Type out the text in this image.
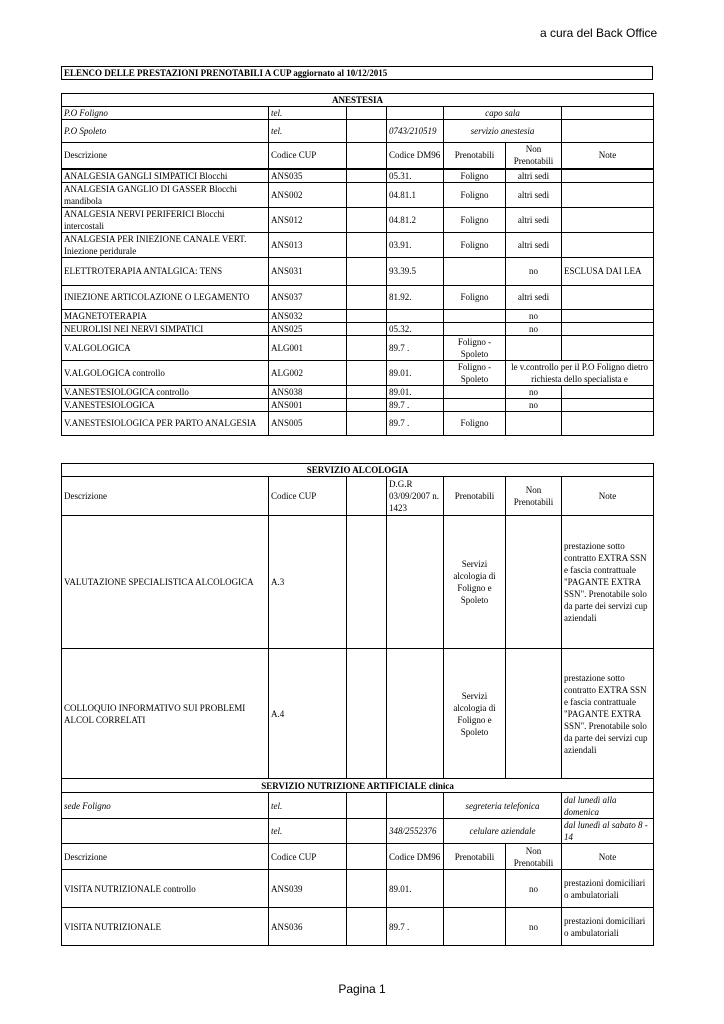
a cura del Back Office
ELENCO DELLE PRESTAZIONI PRENOTABILI A CUP aggiornato al 10/12/2015
ANESTESIA						
P.O Foligno	tel.			capo sala		
P.O Spoleto	tel.		0743/210519	servizio anestesia		
Descrizione	Codice CUP		Codice DM96	Prenotabili	Non Prenotabili	Note
ANALGESIA GANGLI SIMPATICI Blocchi	ANS035		05.31.	Foligno	altri sedi	
ANALGESIA GANGLIO DI GASSER Blocchi mandibola	ANS002		04.81.1	Foligno	altri sedi	
ANALGESIA NERVI PERIFERICI Blocchi intercostali	ANS012		04.81.2	Foligno	altri sedi	
ANALGESIA PER INIEZIONE CANALE VERT. Iniezione peridurale	ANS013		03.91.	Foligno	altri sedi	
ELETTROTERAPIA ANTALGICA: TENS	ANS031		93.39.5		no	ESCLUSA DAI LEA
INIEZIONE ARTICOLAZIONE O LEGAMENTO	ANS037		81.92.	Foligno	altri sedi	
MAGNETOTERAPIA	ANS032				no	
NEUROLISI NEI NERVI SIMPATICI	ANS025		05.32.		no	
V.ALGOLOGICA	ALG001		89.7 .	Foligno - Spoleto		
V.ALGOLOGICA controllo	ALG002		89.01.	Foligno - Spoleto	le v.controllo per il P.O Foligno dietro richiesta dello specialista e	
V.ANESTESIOLOGICA controllo	ANS038		89.01.		no	
V.ANESTESIOLOGICA	ANS001		89.7 .		no	
V.ANESTESIOLOGICA PER PARTO ANALGESIA	ANS005		89.7 .	Foligno		
SERVIZIO ALCOLOGIA						
Descrizione	Codice CUP		D.G.R 03/09/2007 n. 1423	Prenotabili	Non Prenotabili	Note
VALUTAZIONE SPECIALISTICA ALCOLOGICA	A.3			Servizi alcologia di Foligno e Spoleto		prestazione sotto contratto EXTRA SSN e fascia contrattuale "PAGANTE EXTRA SSN". Prenotabile solo da parte dei servizi cup aziendali
COLLOQUIO INFORMATIVO SUI PROBLEMI ALCOL CORRELATI	A.4			Servizi alcologia di Foligno e Spoleto		prestazione sotto contratto EXTRA SSN e fascia contrattuale "PAGANTE EXTRA SSN". Prenotabile solo da parte dei servizi cup aziendali
SERVIZIO NUTRIZIONE ARTIFICIALE clinica						
sede Foligno	tel.			segreteria telefonica		dal lunedì alla domenica
	tel.		348/2552376	celulare aziendale		dal lunedì al sabato 8 - 14
Descrizione	Codice CUP		Codice DM96	Prenotabili	Non Prenotabili	Note
VISITA NUTRIZIONALE controllo	ANS039		89.01.		no	prestazioni domiciliari o ambulatoriali
VISITA NUTRIZIONALE	ANS036		89.7 .		no	prestazioni domiciliari o ambulatoriali
Pagina 1
